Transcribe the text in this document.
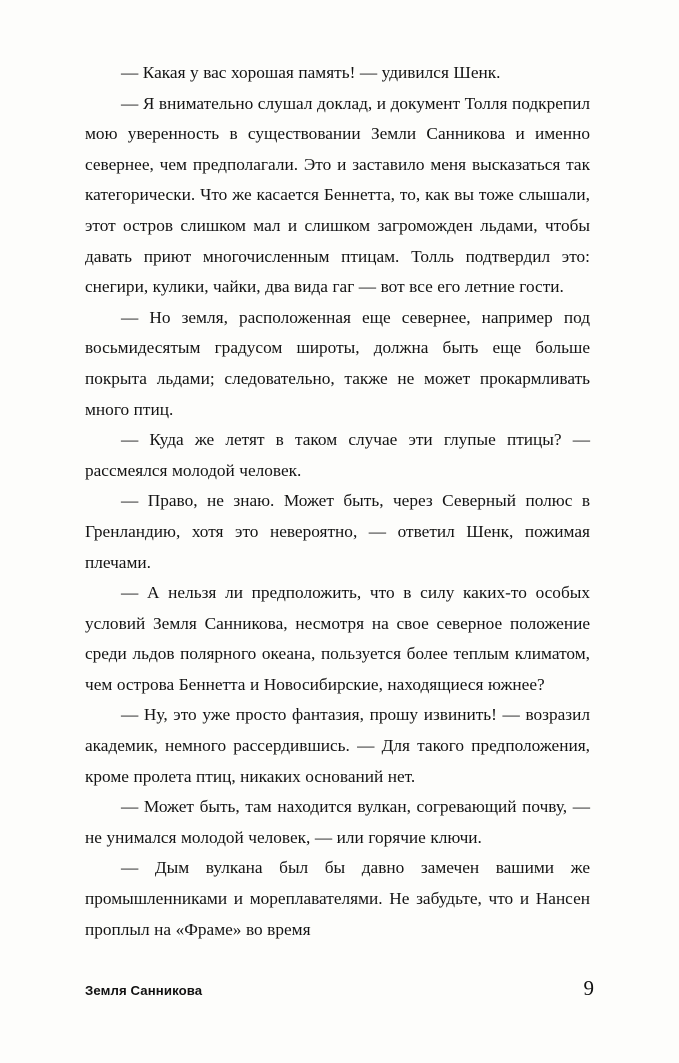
— Какая у вас хорошая память! — удивился Шенк.

— Я внимательно слушал доклад, и документ Толля подкрепил мою уверенность в существовании Земли Санникова и именно севернее, чем предполагали. Это и заставило меня высказаться так категорически. Что же касается Беннетта, то, как вы тоже слышали, этот остров слишком мал и слишком загроможден льдами, чтобы давать приют многочисленным птицам. Толль подтвердил это: снегири, кулики, чайки, два вида гаг — вот все его летние гости.

— Но земля, расположенная еще севернее, например под восьмидесятым градусом широты, должна быть еще больше покрыта льдами; следовательно, также не может прокармливать много птиц.

— Куда же летят в таком случае эти глупые птицы? — рассмеялся молодой человек.

— Право, не знаю. Может быть, через Северный полюс в Гренландию, хотя это невероятно, — ответил Шенк, пожимая плечами.

— А нельзя ли предположить, что в силу каких-то особых условий Земля Санникова, несмотря на свое северное положение среди льдов полярного океана, пользуется более теплым климатом, чем острова Беннетта и Новосибирские, находящиеся южнее?

— Ну, это уже просто фантазия, прошу извинить! — возразил академик, немного рассердившись. — Для такого предположения, кроме пролета птиц, никаких оснований нет.

— Может быть, там находится вулкан, согревающий почву, — не унимался молодой человек, — или горячие ключи.

— Дым вулкана был бы давно замечен вашими же промышленниками и мореплавателями. Не забудьте, что и Нансен проплыл на «Фраме» во время

Земля Санникова	9
